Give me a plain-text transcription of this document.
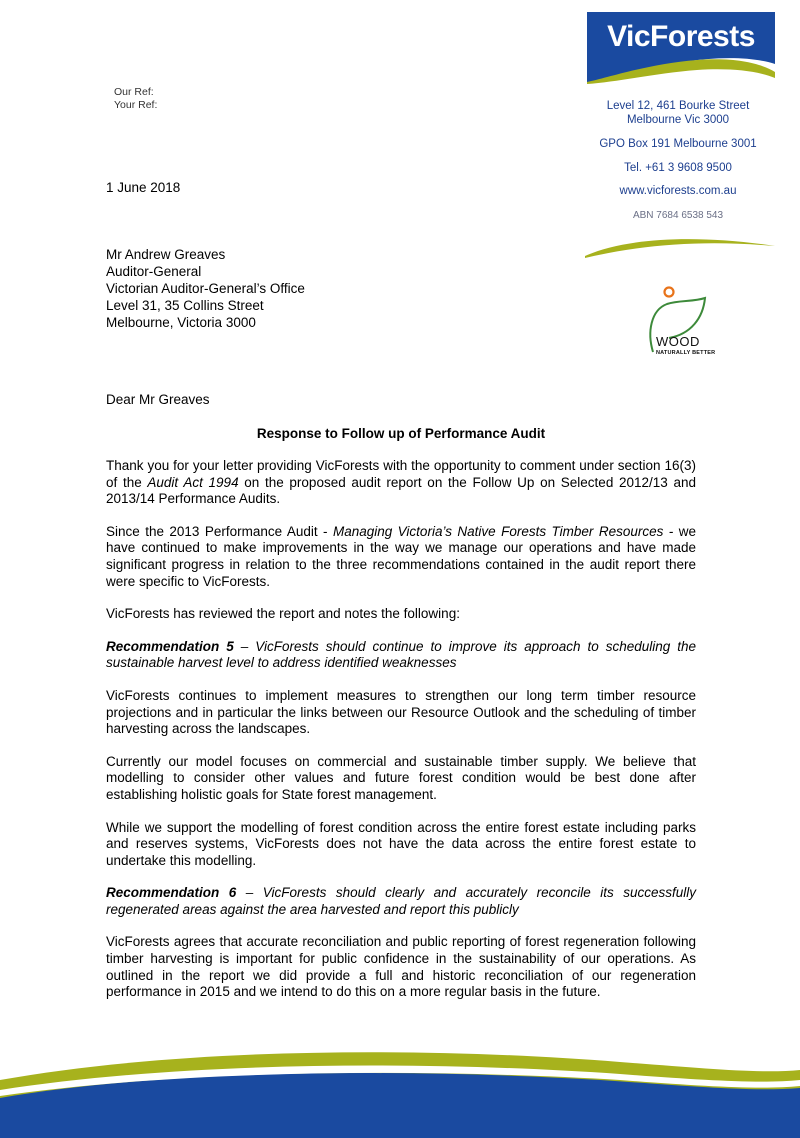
Our Ref:
Your Ref:
VicForests
Level 12, 461 Bourke Street
Melbourne Vic 3000
GPO Box 191 Melbourne 3001
Tel. +61 3 9608 9500
www.vicforests.com.au
ABN 7684 6538 543
WOOD
NATURALLY BETTER
1 June 2018
Mr Andrew Greaves
Auditor-General
Victorian Auditor-General’s Office
Level 31, 35 Collins Street
Melbourne, Victoria 3000
Dear Mr Greaves
Response to Follow up of Performance Audit

Thank you for your letter providing VicForests with the opportunity to comment under section 16(3) of the Audit Act 1994 on the proposed audit report on the Follow Up on Selected 2012/13 and 2013/14 Performance Audits.

Since the 2013 Performance Audit - Managing Victoria’s Native Forests Timber Resources - we have continued to make improvements in the way we manage our operations and have made significant progress in relation to the three recommendations contained in the audit report there were specific to VicForests.

VicForests has reviewed the report and notes the following:

Recommendation 5 – VicForests should continue to improve its approach to scheduling the sustainable harvest level to address identified weaknesses

VicForests continues to implement measures to strengthen our long term timber resource projections and in particular the links between our Resource Outlook and the scheduling of timber harvesting across the landscapes.

Currently our model focuses on commercial and sustainable timber supply. We believe that modelling to consider other values and future forest condition would be best done after establishing holistic goals for State forest management.

While we support the modelling of forest condition across the entire forest estate including parks and reserves systems, VicForests does not have the data across the entire forest estate to undertake this modelling.

Recommendation 6 – VicForests should clearly and accurately reconcile its successfully regenerated areas against the area harvested and report this publicly

VicForests agrees that accurate reconciliation and public reporting of forest regeneration following timber harvesting is important for public confidence in the sustainability of our operations. As outlined in the report we did provide a full and historic reconciliation of our regeneration performance in 2015 and we intend to do this on a more regular basis in the future.
